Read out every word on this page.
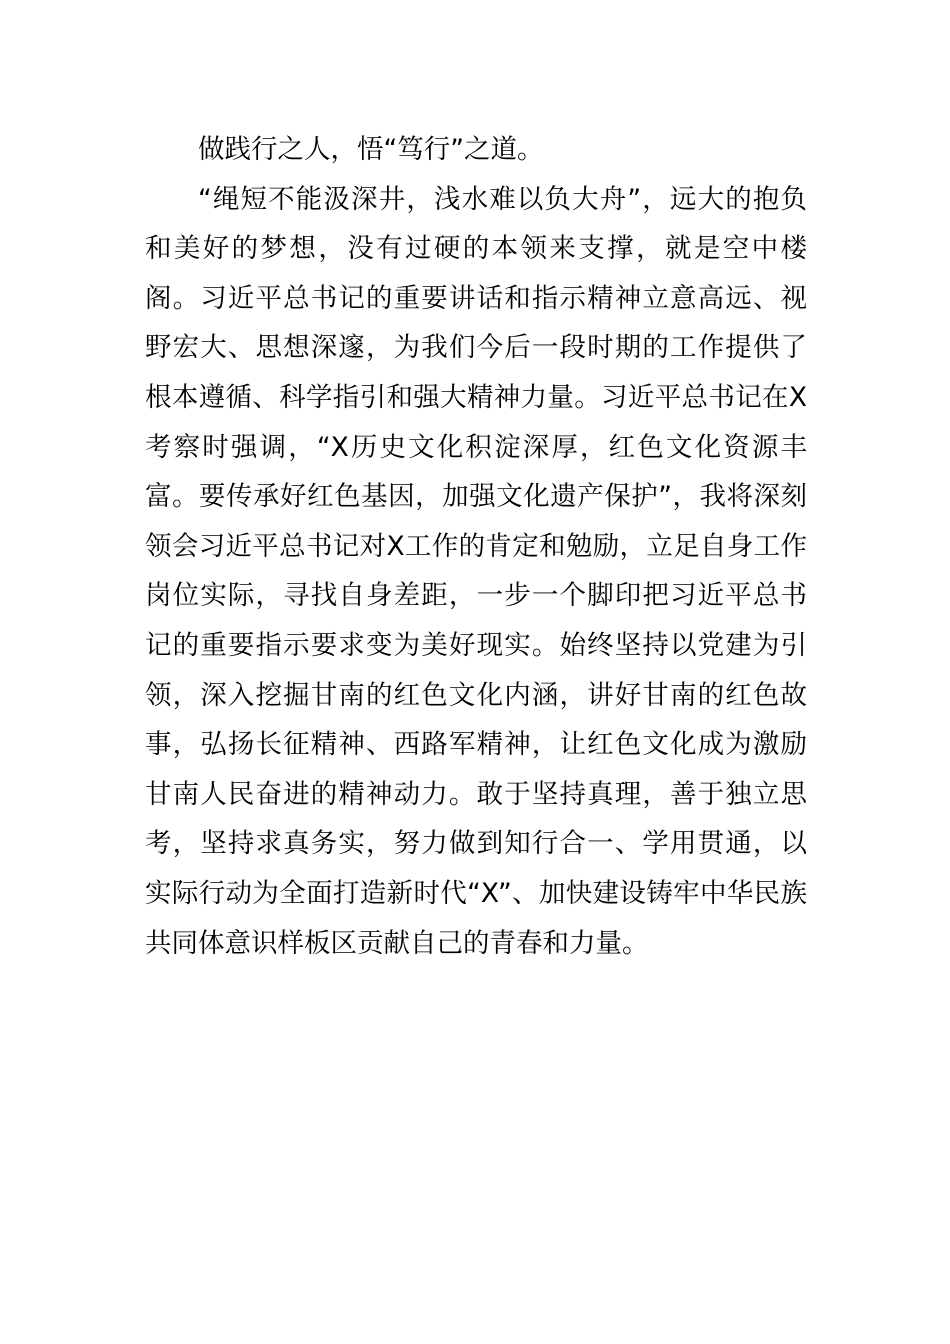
做践行之人，悟“笃行”之道。

“绳短不能汲深井，浅水难以负大舟”，远大的抱负和美好的梦想，没有过硬的本领来支撑，就是空中楼阁。习近平总书记的重要讲话和指示精神立意高远、视野宏大、思想深邃，为我们今后一段时期的工作提供了根本遵循、科学指引和强大精神力量。习近平总书记在X考察时强调，“X历史文化积淀深厚，红色文化资源丰富。要传承好红色基因，加强文化遗产保护”，我将深刻领会习近平总书记对X工作的肯定和勉励，立足自身工作岗位实际，寻找自身差距，一步一个脚印把习近平总书记的重要指示要求变为美好现实。始终坚持以党建为引领，深入挖掘甘南的红色文化内涵，讲好甘南的红色故事，弘扬长征精神、西路军精神，让红色文化成为激励甘南人民奋进的精神动力。敢于坚持真理，善于独立思考，坚持求真务实，努力做到知行合一、学用贯通，以实际行动为全面打造新时代“X”、加快建设铸牢中华民族共同体意识样板区贡献自己的青春和力量。
